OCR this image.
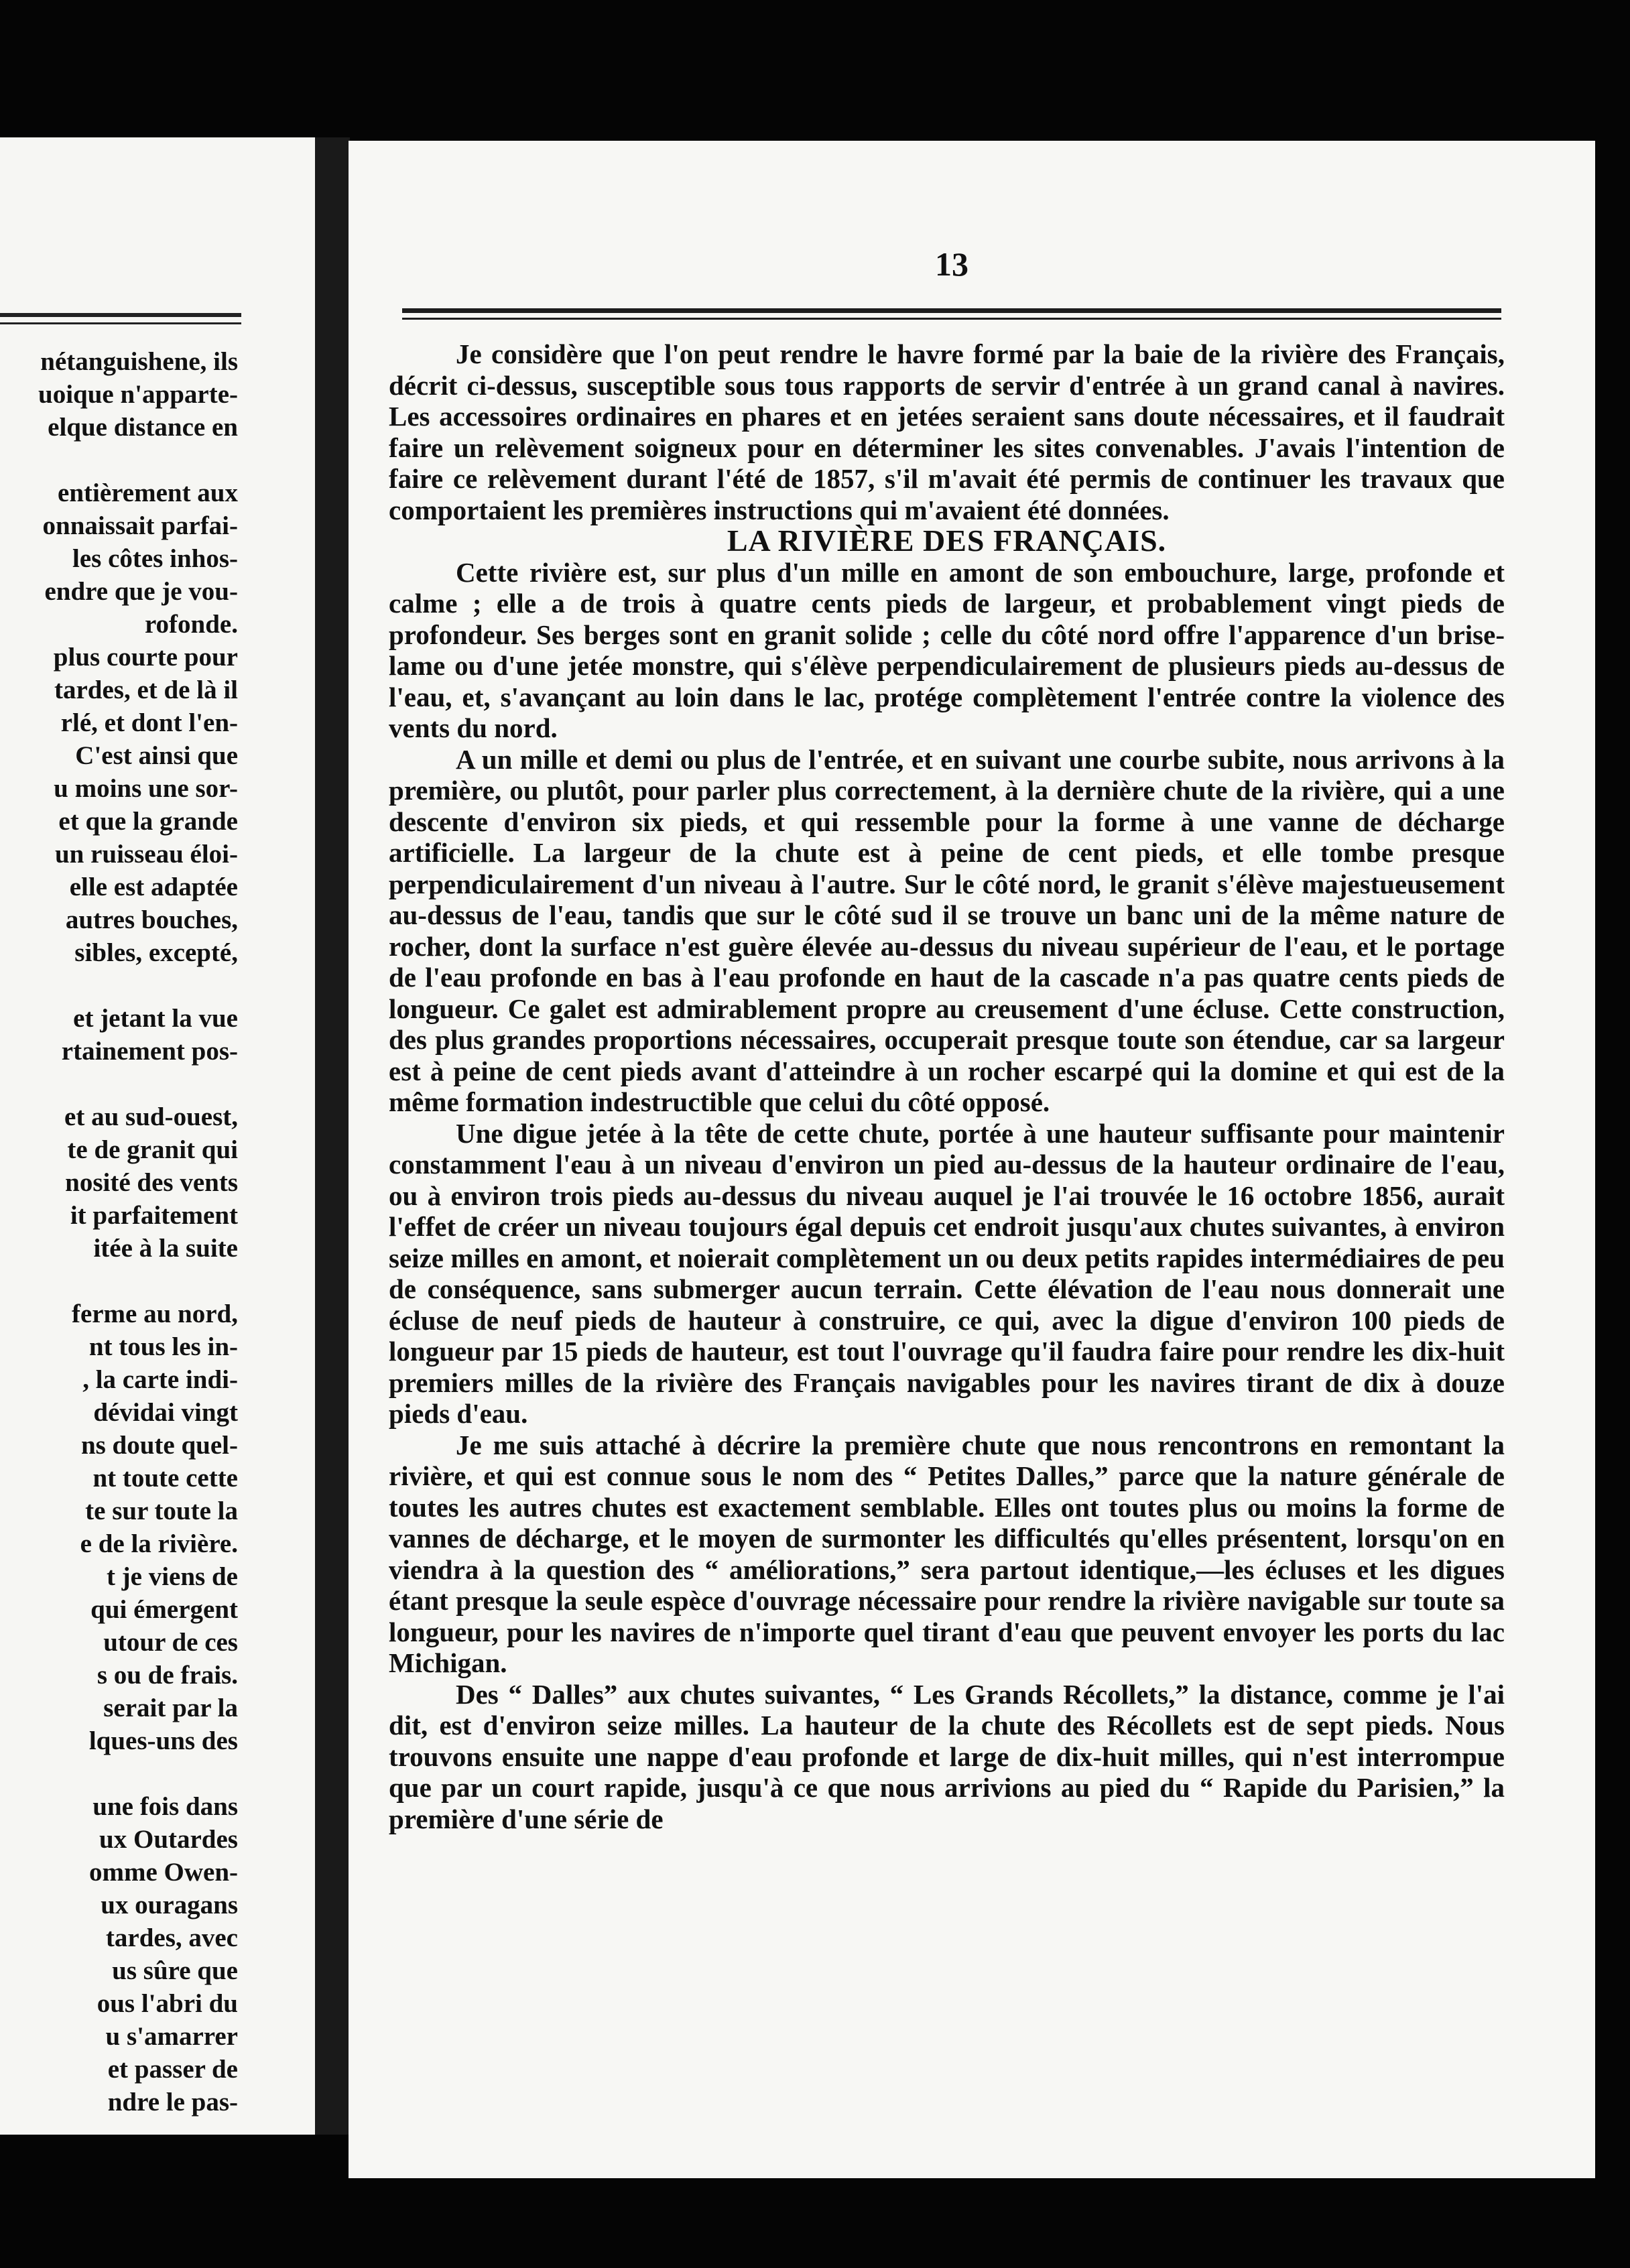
nétanguishene, ils
uoique n'apparte-
elque distance en
entièrement aux
onnaissait parfai-
les côtes inhos-
endre que je vou-
rofonde.
plus courte pour
tardes, et de là il
rlé, et dont l'en-
C'est ainsi que
u moins une sor-
et que la grande
un ruisseau éloi-
elle est adaptée
autres bouches,
sibles, excepté,
et jetant la vue
rtainement pos-
et au sud-ouest,
te de granit qui
nosité des vents
it parfaitement
itée à la suite
ferme au nord,
nt tous les in-
, la carte indi-
dévidai vingt
ns doute quel-
nt toute cette
te sur toute la
e de la rivière.
t je viens de
qui émergent
utour de ces
s ou de frais.
serait par la
lques-uns des
une fois dans
ux Outardes
omme Owen-
ux ouragans
tardes, avec
us sûre que
ous l'abri du
u s'amarrer
et passer de
ndre le pas-
13

Je considère que l'on peut rendre le havre formé par la baie de la rivière des Français, décrit ci-dessus, susceptible sous tous rapports de servir d'entrée à un grand canal à navires. Les accessoires ordinaires en phares et en jetées seraient sans doute nécessaires, et il faudrait faire un relèvement soigneux pour en déterminer les sites convenables. J'avais l'intention de faire ce relèvement durant l'été de 1857, s'il m'avait été permis de continuer les travaux que comportaient les premières instructions qui m'avaient été données.

LA RIVIÈRE DES FRANÇAIS.

Cette rivière est, sur plus d'un mille en amont de son embouchure, large, profonde et calme ; elle a de trois à quatre cents pieds de largeur, et probablement vingt pieds de profondeur. Ses berges sont en granit solide ; celle du côté nord offre l'apparence d'un brise-lame ou d'une jetée monstre, qui s'élève perpendiculairement de plusieurs pieds au-dessus de l'eau, et, s'avançant au loin dans le lac, protége complètement l'entrée contre la violence des vents du nord.

A un mille et demi ou plus de l'entrée, et en suivant une courbe subite, nous arrivons à la première, ou plutôt, pour parler plus correctement, à la dernière chute de la rivière, qui a une descente d'environ six pieds, et qui ressemble pour la forme à une vanne de décharge artificielle. La largeur de la chute est à peine de cent pieds, et elle tombe presque perpendiculairement d'un niveau à l'autre. Sur le côté nord, le granit s'élève majestueusement au-dessus de l'eau, tandis que sur le côté sud il se trouve un banc uni de la même nature de rocher, dont la surface n'est guère élevée au-dessus du niveau supérieur de l'eau, et le portage de l'eau profonde en bas à l'eau profonde en haut de la cascade n'a pas quatre cents pieds de longueur. Ce galet est admirablement propre au creusement d'une écluse. Cette construction, des plus grandes proportions nécessaires, occuperait presque toute son étendue, car sa largeur est à peine de cent pieds avant d'atteindre à un rocher escarpé qui la domine et qui est de la même formation indestructible que celui du côté opposé.

Une digue jetée à la tête de cette chute, portée à une hauteur suffisante pour maintenir constamment l'eau à un niveau d'environ un pied au-dessus de la hauteur ordinaire de l'eau, ou à environ trois pieds au-dessus du niveau auquel je l'ai trouvée le 16 octobre 1856, aurait l'effet de créer un niveau toujours égal depuis cet endroit jusqu'aux chutes suivantes, à environ seize milles en amont, et noierait complètement un ou deux petits rapides intermédiaires de peu de conséquence, sans submerger aucun terrain. Cette élévation de l'eau nous donnerait une écluse de neuf pieds de hauteur à construire, ce qui, avec la digue d'environ 100 pieds de longueur par 15 pieds de hauteur, est tout l'ouvrage qu'il faudra faire pour rendre les dix-huit premiers milles de la rivière des Français navigables pour les navires tirant de dix à douze pieds d'eau.

Je me suis attaché à décrire la première chute que nous rencontrons en remontant la rivière, et qui est connue sous le nom des “ Petites Dalles,” parce que la nature générale de toutes les autres chutes est exactement semblable. Elles ont toutes plus ou moins la forme de vannes de décharge, et le moyen de surmonter les difficultés qu'elles présentent, lorsqu'on en viendra à la question des “ améliorations,” sera partout identique,—les écluses et les digues étant presque la seule espèce d'ouvrage nécessaire pour rendre la rivière navigable sur toute sa longueur, pour les navires de n'importe quel tirant d'eau que peuvent envoyer les ports du lac Michigan.

Des “ Dalles” aux chutes suivantes, “ Les Grands Récollets,” la distance, comme je l'ai dit, est d'environ seize milles. La hauteur de la chute des Récollets est de sept pieds. Nous trouvons ensuite une nappe d'eau profonde et large de dix-huit milles, qui n'est interrompue que par un court rapide, jusqu'à ce que nous arrivions au pied du “ Rapide du Parisien,” la première d'une série de
